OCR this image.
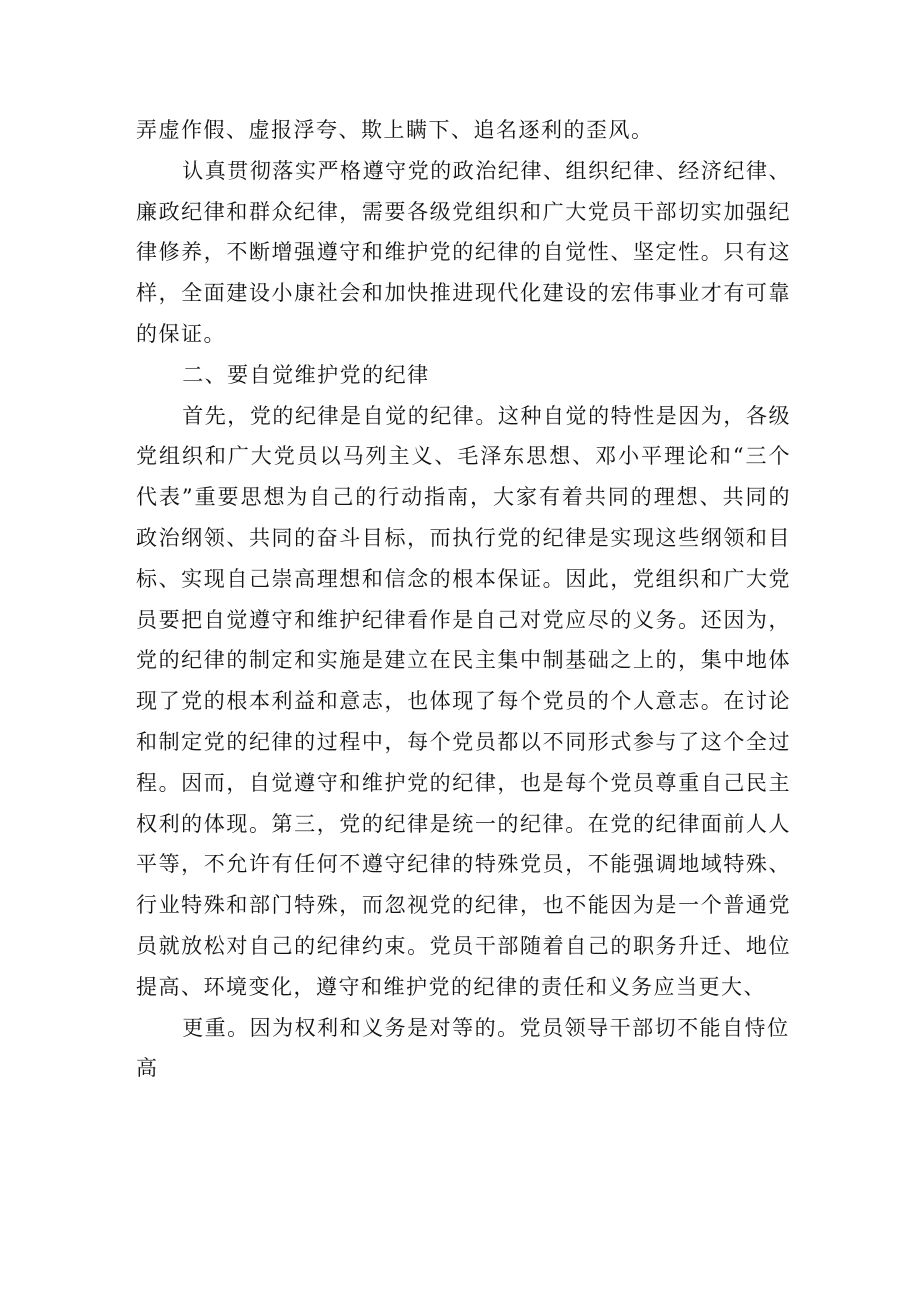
弄虚作假、虚报浮夸、欺上瞒下、追名逐利的歪风。

认真贯彻落实严格遵守党的政治纪律、组织纪律、经济纪律、廉政纪律和群众纪律，需要各级党组织和广大党员干部切实加强纪律修养，不断增强遵守和维护党的纪律的自觉性、坚定性。只有这样，全面建设小康社会和加快推进现代化建设的宏伟事业才有可靠的保证。

二、要自觉维护党的纪律

首先，党的纪律是自觉的纪律。这种自觉的特性是因为，各级党组织和广大党员以马列主义、毛泽东思想、邓小平理论和“三个代表”重要思想为自己的行动指南，大家有着共同的理想、共同的政治纲领、共同的奋斗目标，而执行党的纪律是实现这些纲领和目标、实现自己崇高理想和信念的根本保证。因此，党组织和广大党员要把自觉遵守和维护纪律看作是自己对党应尽的义务。还因为，党的纪律的制定和实施是建立在民主集中制基础之上的，集中地体现了党的根本利益和意志，也体现了每个党员的个人意志。在讨论和制定党的纪律的过程中，每个党员都以不同形式参与了这个全过程。因而，自觉遵守和维护党的纪律，也是每个党员尊重自己民主权利的体现。第三，党的纪律是统一的纪律。在党的纪律面前人人平等，不允许有任何不遵守纪律的特殊党员，不能强调地域特殊、行业特殊和部门特殊，而忽视党的纪律，也不能因为是一个普通党员就放松对自己的纪律约束。党员干部随着自己的职务升迁、地位提高、环境变化，遵守和维护党的纪律的责任和义务应当更大、

更重。因为权利和义务是对等的。党员领导干部切不能自恃位高
